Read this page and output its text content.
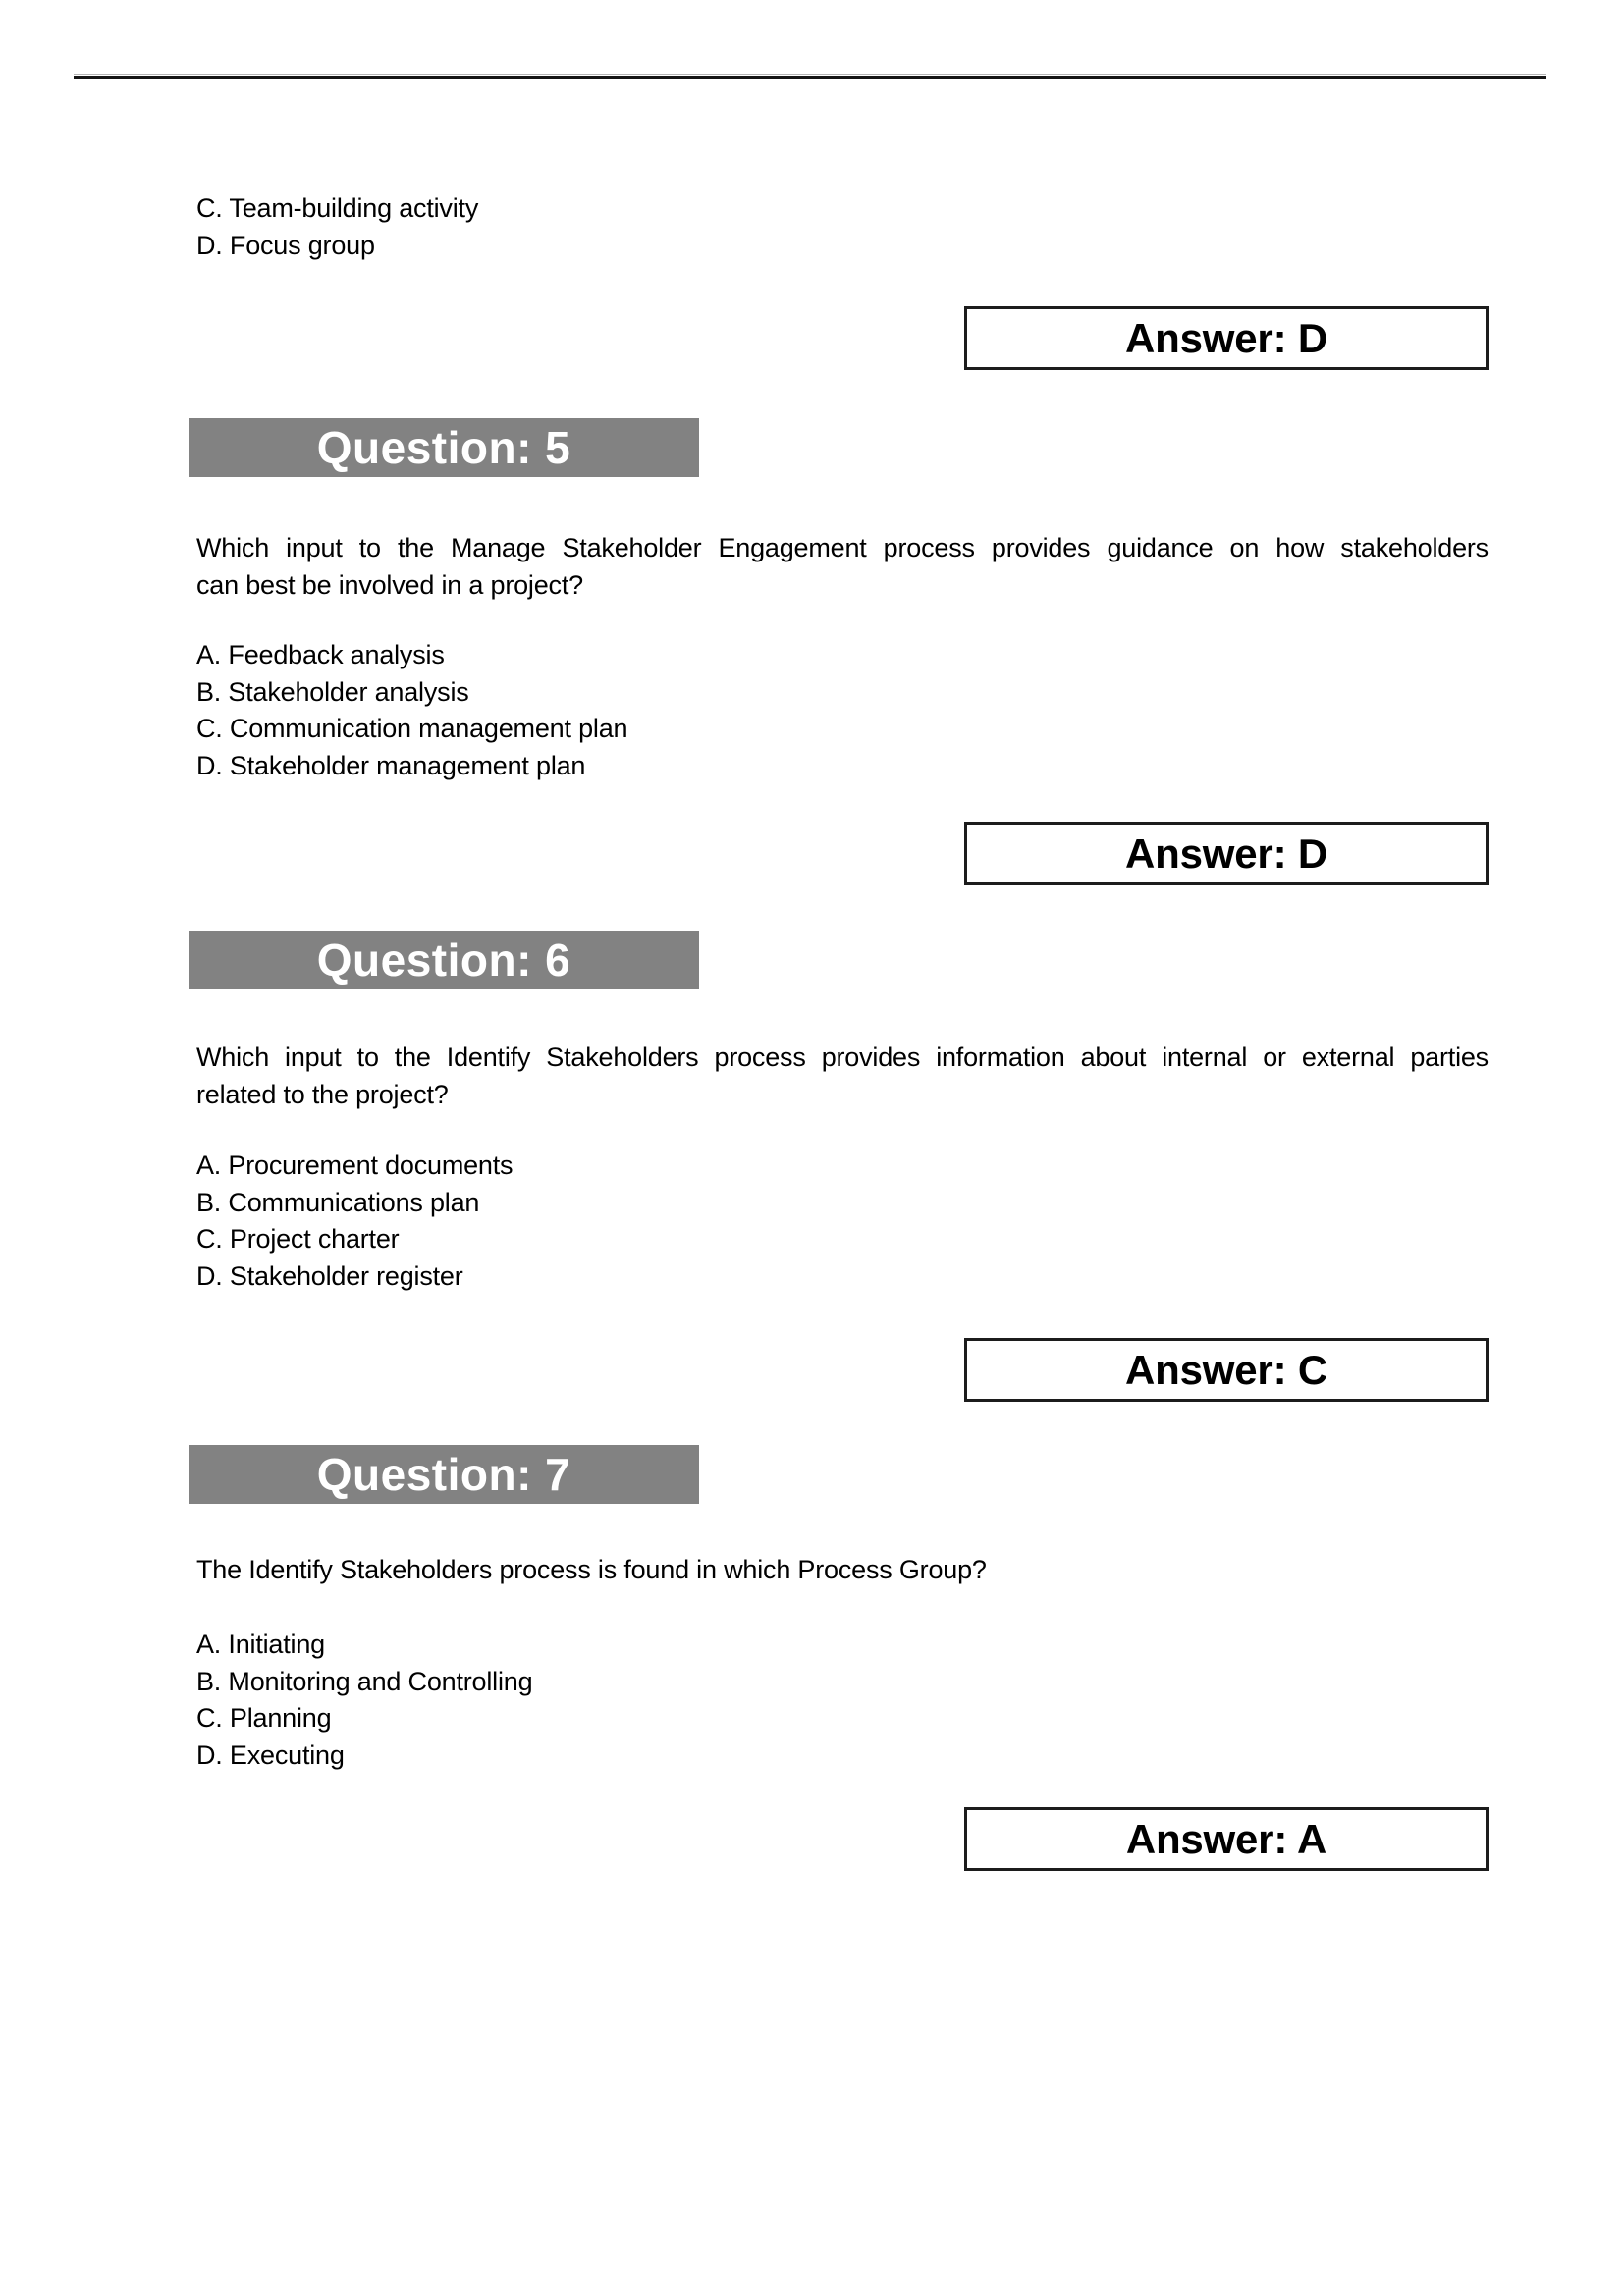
C. Team-building activity
D. Focus group
Answer: D
Question: 5
Which input to the Manage Stakeholder Engagement process provides guidance on how stakeholders
can best be involved in a project?
A. Feedback analysis
B. Stakeholder analysis
C. Communication management plan
D. Stakeholder management plan
Answer: D
Question: 6
Which input to the Identify Stakeholders process provides information about internal or external parties
related to the project?
A. Procurement documents
B. Communications plan
C. Project charter
D. Stakeholder register
Answer: C
Question: 7
The Identify Stakeholders process is found in which Process Group?
A. Initiating
B. Monitoring and Controlling
C. Planning
D. Executing
Answer: A
